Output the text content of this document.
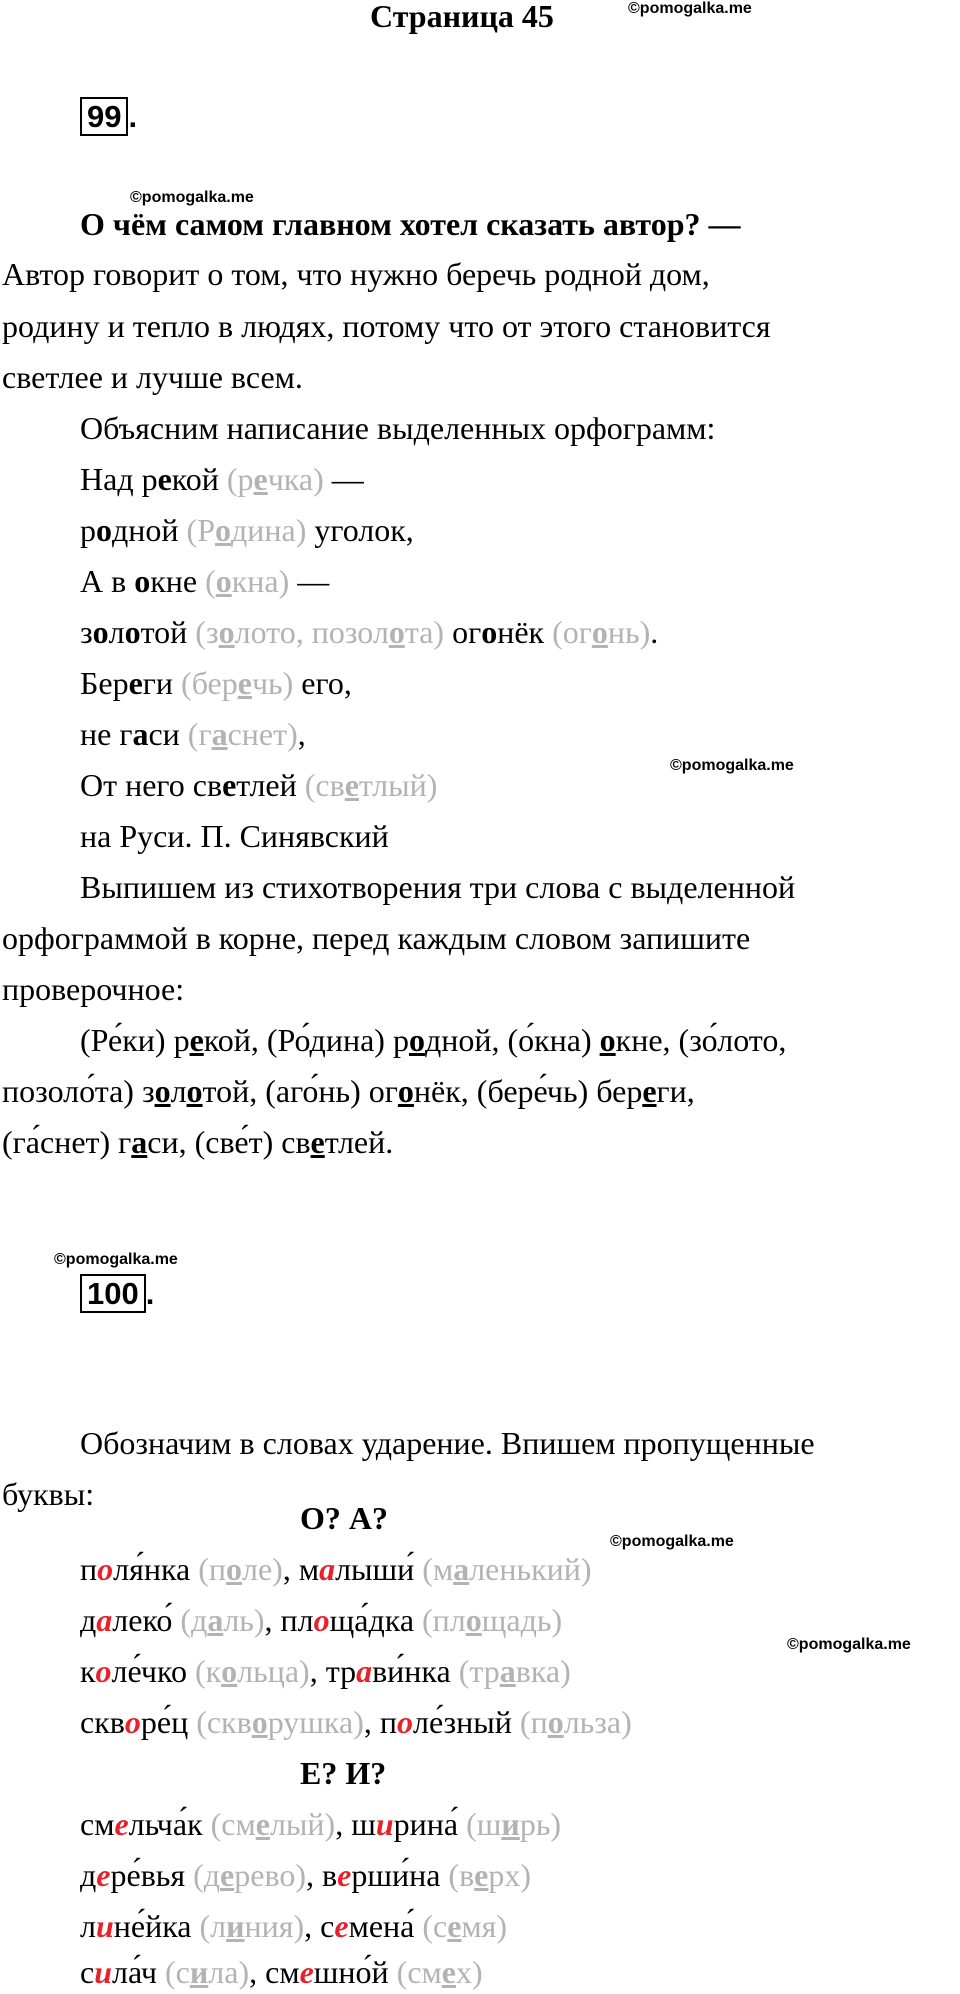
Страница 45	©pomogalka.me
99 .
©pomogalka.me
О чём самом главном хотел сказать автор? —
Автор говорит о том, что нужно беречь родной дом,
родину и тепло в людях, потому что от этого становится
светлее и лучше всем.
Объясним написание выделенных орфограмм:
Над рекой (речка) —
родной (Родина) уголок,
А в окне (окна) —
золотой (золото, позолота) огонёк (огонь).
Береги (беречь) его,
не гаси (гаснет),
©pomogalka.me
От него светлей (светлый)
на Руси. П. Синявский
Выпишем из стихотворения три слова с выделенной
орфограммой в корне, перед каждым словом запишите
проверочное:
(Ре́ки) рекой, (Ро́дина) родной, (о́кна) окне, (зо́лото,
позоло́та) золотой, (аго́нь) огонёк, (бере́чь) береги,
(га́снет) гаси, (све́т) светлей.
©pomogalka.me
100 .
Обозначим в словах ударение. Впишем пропущенные
буквы:
О? А?
©pomogalka.me
поля́нка (поле), малыши́ (маленький)
далеко́ (даль), площа́дка (площадь)
©pomogalka.me
коле́чко (кольца), трави́нка (травка)
скворе́ц (скворушка), поле́зный (польза)
Е? И?
смельча́к (смелый), ширина́ (ширь)
дере́вья (дерево), верши́на (верх)
лине́йка (линия), семена́ (семя)
сила́ч (сила), смешно́й (смех)
